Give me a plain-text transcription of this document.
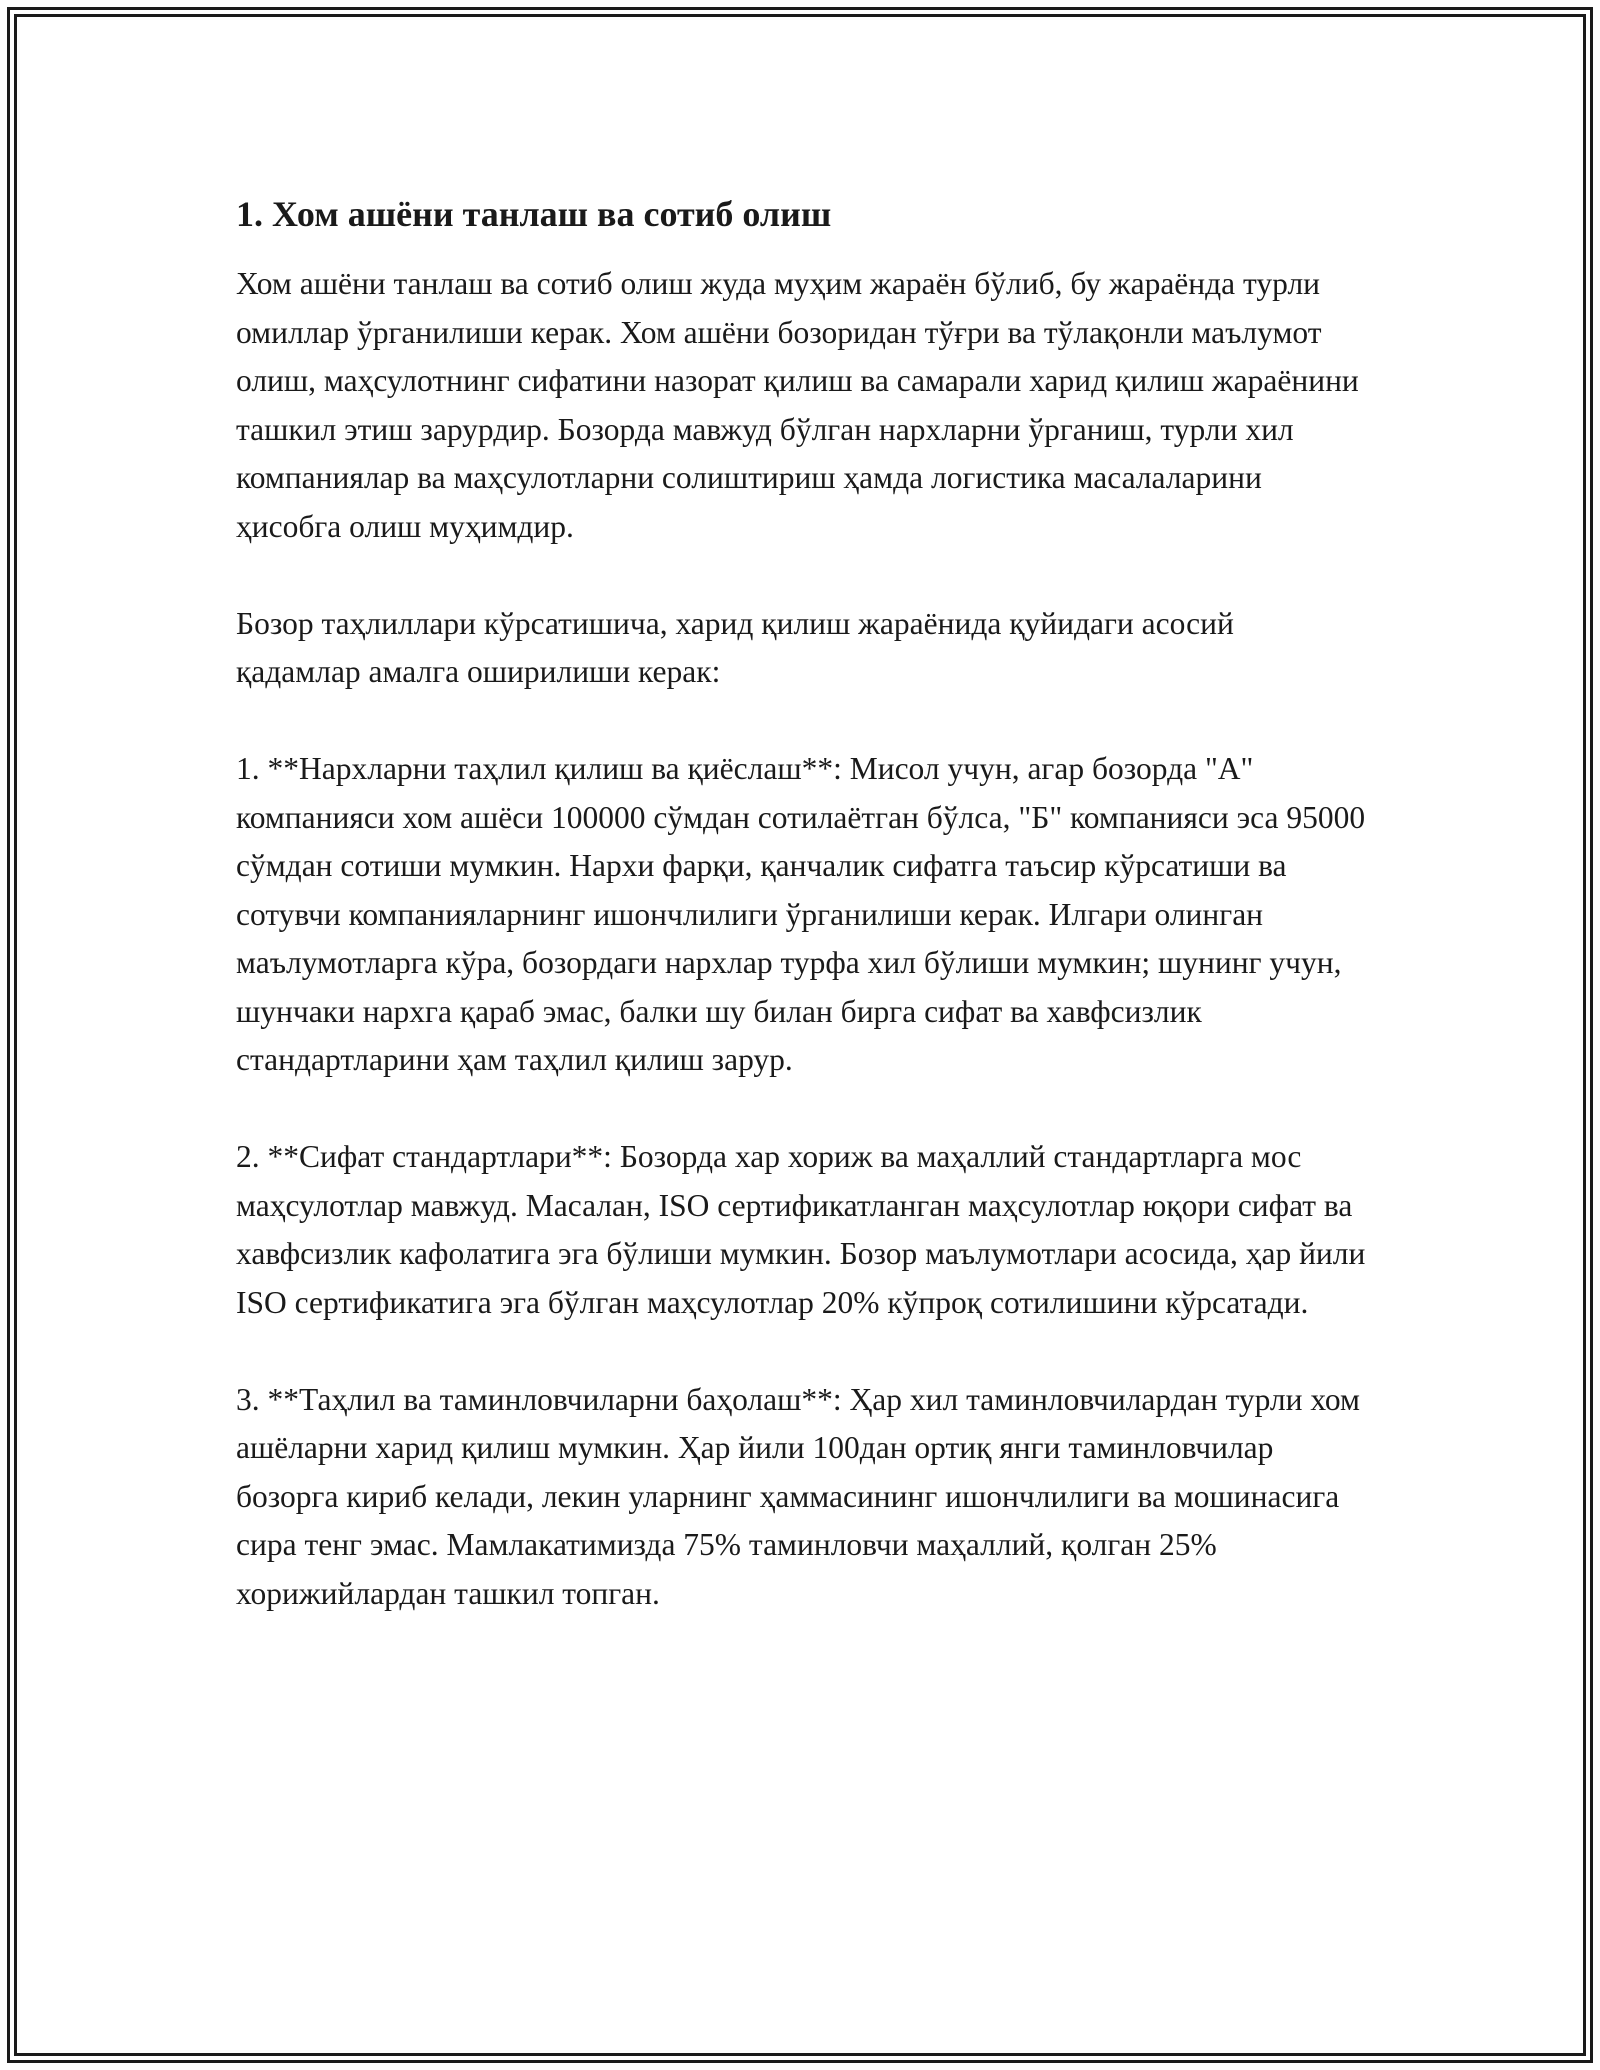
1. Хом ашёни танлаш ва сотиб олиш

Хом ашёни танлаш ва сотиб олиш жуда муҳим жараён бўлиб, бу жараёнда турли омиллар ўрганилиши керак. Хом ашёни бозоридан тўғри ва тўлақонли маълумот олиш, маҳсулотнинг сифатини назорат қилиш ва самарали харид қилиш жараёнини ташкил этиш зарурдир. Бозорда мавжуд бўлган нархларни ўрганиш, турли хил компаниялар ва маҳсулотларни солиштириш ҳамда логистика масалаларини ҳисобга олиш муҳимдир.

Бозор таҳлиллари кўрсатишича, харид қилиш жараёнида қуйидаги асосий қадамлар амалга оширилиши керак:

1. **Нархларни таҳлил қилиш ва қиёслаш**: Мисол учун, агар бозорда "А" компанияси хом ашёси 100000 сўмдан сотилаётган бўлса, "Б" компанияси эса 95000 сўмдан сотиши мумкин. Нархи фарқи, қанчалик сифатга таъсир кўрсатиши ва сотувчи компанияларнинг ишончлилиги ўрганилиши керак. Илгари олинган маълумотларга кўра, бозордаги нархлар турфа хил бўлиши мумкин; шунинг учун, шунчаки нархга қараб эмас, балки шу билан бирга сифат ва хавфсизлик стандартларини ҳам таҳлил қилиш зарур.

2. **Сифат стандартлари**: Бозорда хар хориж ва маҳаллий стандартларга мос маҳсулотлар мавжуд. Масалан, ISO сертификатланган маҳсулотлар юқори сифат ва хавфсизлик кафолатига эга бўлиши мумкин. Бозор маълумотлари асосида, ҳар йили ISO сертификатига эга бўлган маҳсулотлар 20% кўпроқ сотилишини кўрсатади.

3. **Таҳлил ва таминловчиларни баҳолаш**: Ҳар хил таминловчилардан турли хом ашёларни харид қилиш мумкин. Ҳар йили 100дан ортиқ янги таминловчилар бозорга кириб келади, лекин уларнинг ҳаммасининг ишончлилиги ва мошинасига сира тенг эмас. Мамлакатимизда 75% таминловчи маҳаллий, қолган 25% хорижийлардан ташкил топган.
